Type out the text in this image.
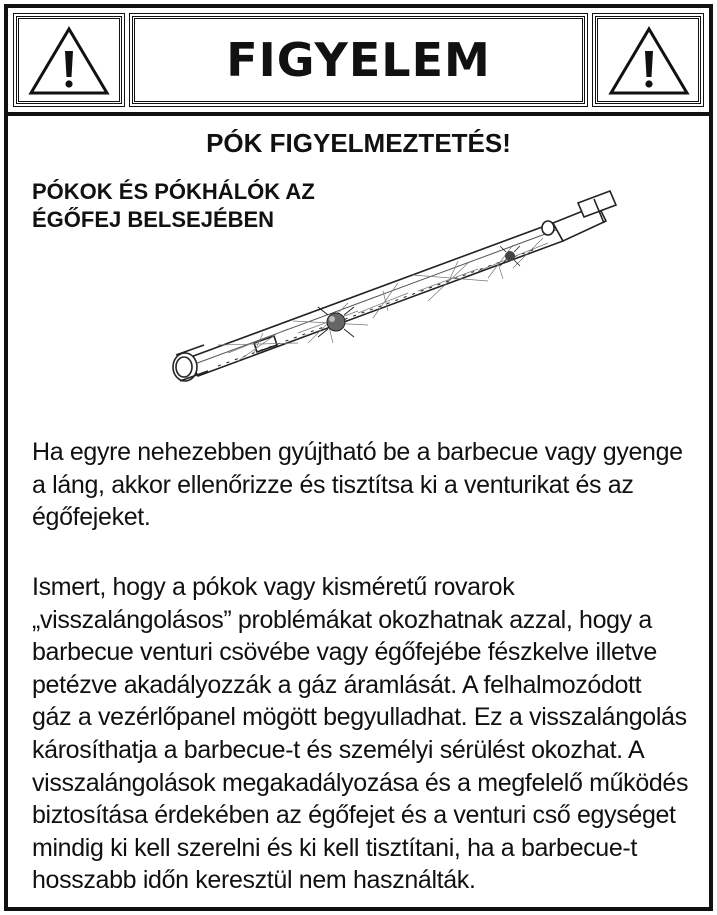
FIGYELEM
PÓK FIGYELMEZTETÉS!
PÓKOK ÉS PÓKHÁLÓK AZ
ÉGŐFEJ BELSEJÉBEN
Ha egyre nehezebben gyújtható be a barbecue vagy gyenge
a láng, akkor ellenőrizze és tisztítsa ki a venturikat és az
égőfejeket.
Ismert, hogy a pókok vagy kisméretű rovarok
„visszalángolásos” problémákat okozhatnak azzal, hogy a
barbecue venturi csövébe vagy égőfejébe fészkelve illetve
petézve akadályozzák a gáz áramlását. A felhalmozódott
gáz a vezérlőpanel mögött begyulladhat. Ez a visszalángolás
károsíthatja a barbecue-t és személyi sérülést okozhat. A
visszalángolások megakadályozása és a megfelelő működés
biztosítása érdekében az égőfejet és a venturi cső egységet
mindig ki kell szerelni és ki kell tisztítani, ha a barbecue-t
hosszabb időn keresztül nem használták.
